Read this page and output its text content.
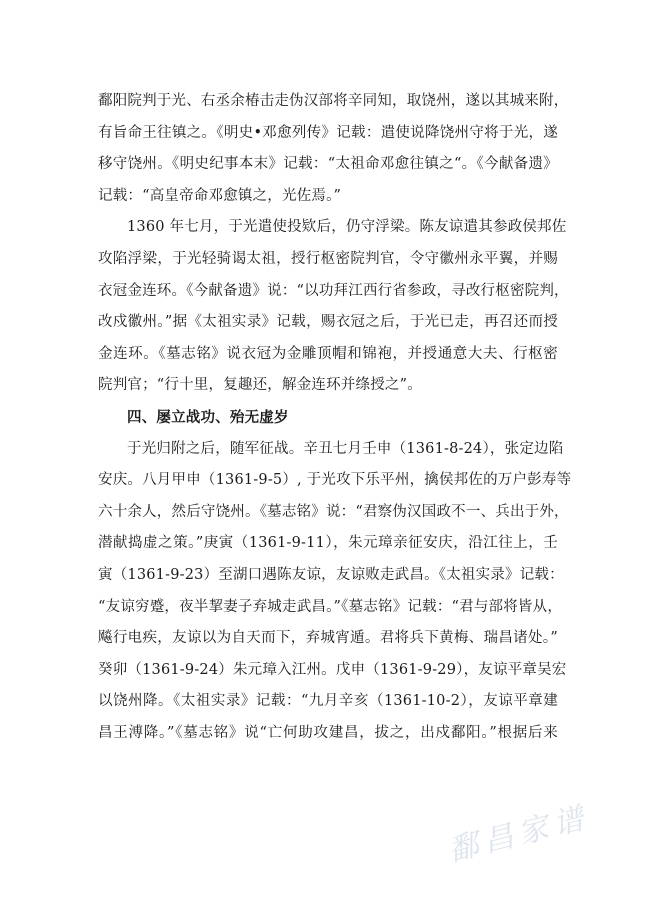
鄱阳院判于光、右丞余椿击走伪汉部将辛同知，取饶州，遂以其城来附，
有旨命王往镇之。《明史•邓愈列传》记载：遣使说降饶州守将于光，遂
移守饶州。《明史纪事本末》记载：“太祖命邓愈往镇之“。《今献备遗》
记载：“高皇帝命邓愈镇之，光佐焉。”
1360 年七月，于光遣使投欵后，仍守浮梁。陈友谅遣其参政侯邦佐
攻陷浮梁，于光轻骑谒太祖，授行枢密院判官，令守徽州永平翼，并赐
衣冠金连环。《今献备遗》说：“以功拜江西行省参政，寻改行枢密院判，
改戍徽州。”据《太祖实录》记载，赐衣冠之后，于光已走，再召还而授
金连环。《墓志铭》说衣冠为金雕顶帽和锦袍，并授通意大夫、行枢密
院判官；“行十里，复趣还，解金连环并绦授之”。
四、屡立战功、殆无虚岁
于光归附之后，随军征战。辛丑七月壬申（1361-8-24），张定边陷
安庆。八月甲申（1361-9-5）, 于光攻下乐平州，擒侯邦佐的万户彭寿等
六十余人，然后守饶州。《墓志铭》说：“君察伪汉国政不一、兵出于外，
潜献捣虚之策。”庚寅（1361-9-11），朱元璋亲征安庆，沿江往上，壬
寅（1361-9-23）至湖口遇陈友谅，友谅败走武昌。《太祖实录》记载：
“友谅穷蹙，夜半挈妻子弃城走武昌。”《墓志铭》记载：“君与部将皆从，
飚行电疾，友谅以为自天而下，弃城宵遁。君将兵下黄梅、瑞昌诸处。”
癸卯（1361-9-24）朱元璋入江州。戊申（1361-9-29），友谅平章吴宏
以饶州降。《太祖实录》记载：“九月辛亥（1361-10-2），友谅平章建
昌王溥降。”《墓志铭》说“亡何助攻建昌，拔之，出戍鄱阳。”根据后来
鄱昌家谱
